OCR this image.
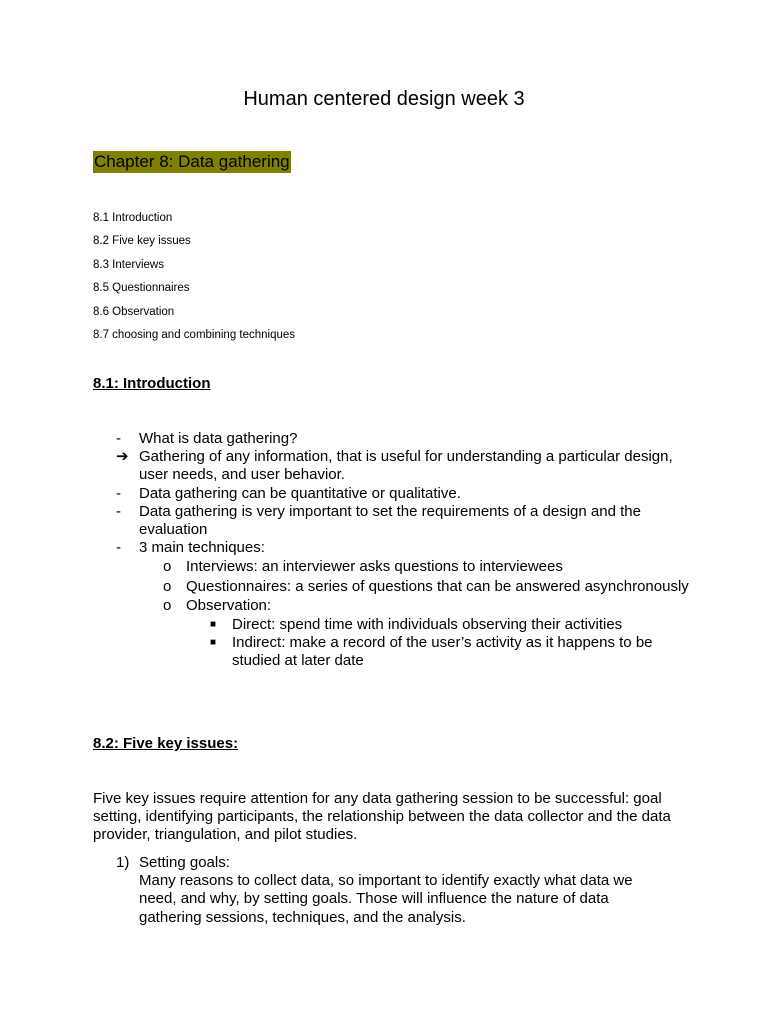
Human centered design week 3
Chapter 8: Data gathering
8.1 Introduction
8.2 Five key issues
8.3 Interviews
8.5 Questionnaires
8.6 Observation
8.7 choosing and combining techniques
8.1: Introduction
-	What is data gathering?
➔ Gathering of any information, that is useful for understanding a particular design, user needs, and user behavior.
-	Data gathering can be quantitative or qualitative.
-	Data gathering is very important to set the requirements of a design and the evaluation
-	3 main techniques:
o Interviews: an interviewer asks questions to interviewees
o Questionnaires: a series of questions that can be answered asynchronously
o Observation:
■	Direct: spend time with individuals observing their activities
■	Indirect: make a record of the user’s activity as it happens to be studied at later date
8.2: Five key issues:
Five key issues require attention for any data gathering session to be successful: goal setting, identifying participants, the relationship between the data collector and the data provider, triangulation, and pilot studies.
1) Setting goals:
Many reasons to collect data, so important to identify exactly what data we need, and why, by setting goals. Those will influence the nature of data gathering sessions, techniques, and the analysis.
